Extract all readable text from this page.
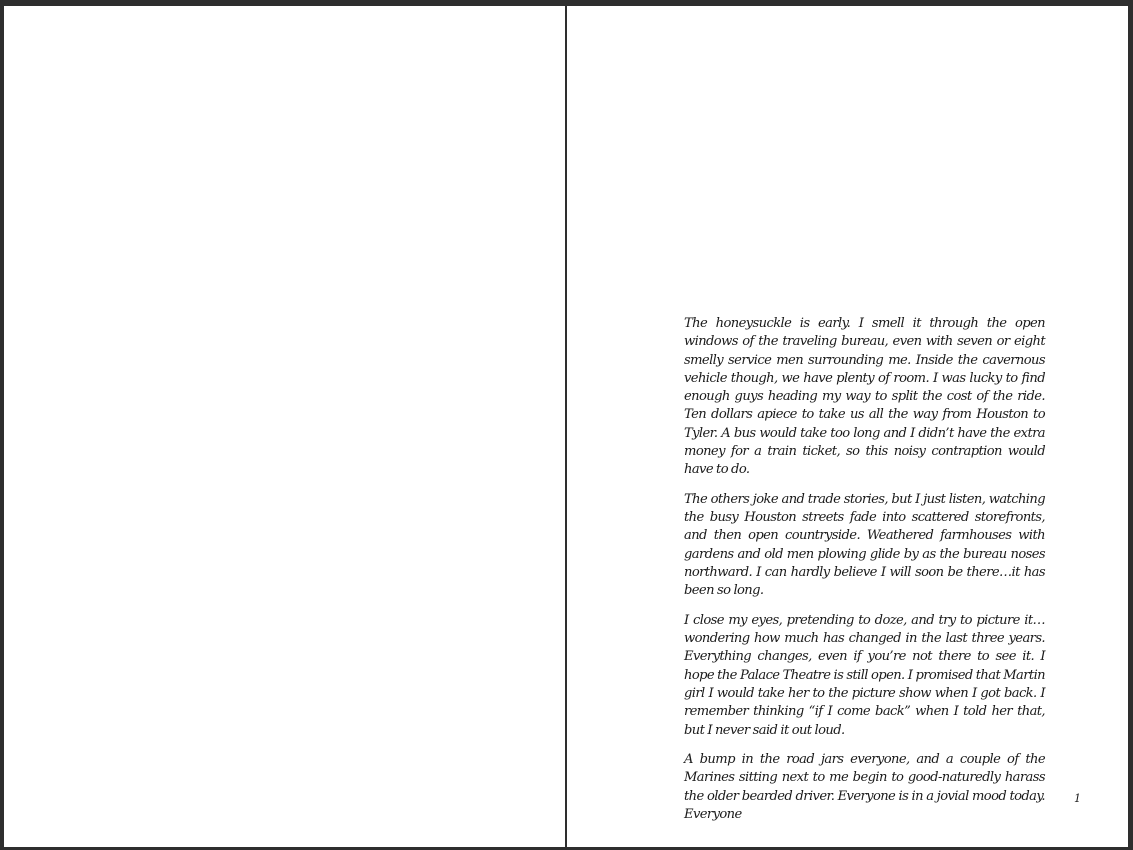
The honeysuckle is early. I smell it through the open windows of the traveling bureau, even with seven or eight smelly service men surrounding me. Inside the cavernous vehicle though, we have plenty of room. I was lucky to find enough guys heading my way to split the cost of the ride. Ten dollars apiece to take us all the way from Houston to Tyler. A bus would take too long and I didn’t have the extra money for a train ticket, so this noisy contraption would have to do.

The others joke and trade stories, but I just listen, watching the busy Houston streets fade into scattered storefronts, and then open countryside. Weathered farmhouses with gardens and old men plowing glide by as the bureau noses northward. I can hardly believe I will soon be there…it has been so long.

I close my eyes, pretending to doze, and try to picture it…wondering how much has changed in the last three years. Everything changes, even if you’re not there to see it. I hope the Palace Theatre is still open. I promised that Martin girl I would take her to the picture show when I got back. I remember thinking “if I come back” when I told her that, but I never said it out loud.

A bump in the road jars everyone, and a couple of the Marines sitting next to me begin to good-naturedly harass the older bearded driver. Everyone is in a jovial mood today. Everyone

1
